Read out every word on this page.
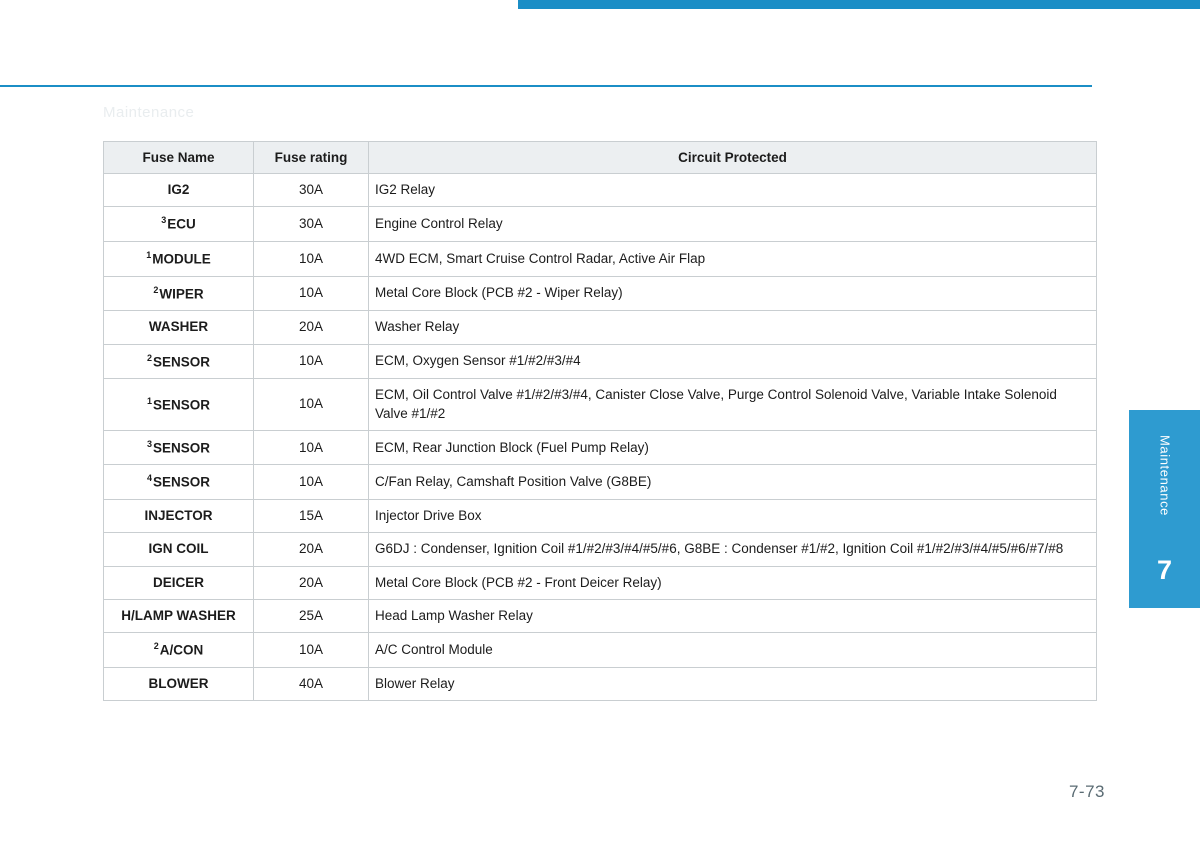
Maintenance
Fuse Name	Fuse rating	Circuit Protected
IG2	30A	IG2 Relay
$^3$ECU	30A	Engine Control Relay
$^1$MODULE	10A	4WD ECM, Smart Cruise Control Radar, Active Air Flap
$^2$WIPER	10A	Metal Core Block (PCB #2 - Wiper Relay)
WASHER	20A	Washer Relay
$^2$SENSOR	10A	ECM, Oxygen Sensor #1/#2/#3/#4
$^1$SENSOR	10A	ECM, Oil Control Valve #1/#2/#3/#4, Canister Close Valve, Purge Control Solenoid Valve, Variable Intake Solenoid Valve #1/#2
$^3$SENSOR	10A	ECM, Rear Junction Block (Fuel Pump Relay)
$^4$SENSOR	10A	C/Fan Relay, Camshaft Position Valve (G8BE)
INJECTOR	15A	Injector Drive Box
IGN COIL	20A	G6DJ : Condenser, Ignition Coil #1/#2/#3/#4/#5/#6, G8BE : Condenser #1/#2, Ignition Coil #1/#2/#3/#4/#5/#6/#7/#8
DEICER	20A	Metal Core Block (PCB #2 - Front Deicer Relay)
H/LAMP WASHER	25A	Head Lamp Washer Relay
$^2$A/CON	10A	A/C Control Module
BLOWER	40A	Blower Relay
Maintenance
7
7-73
